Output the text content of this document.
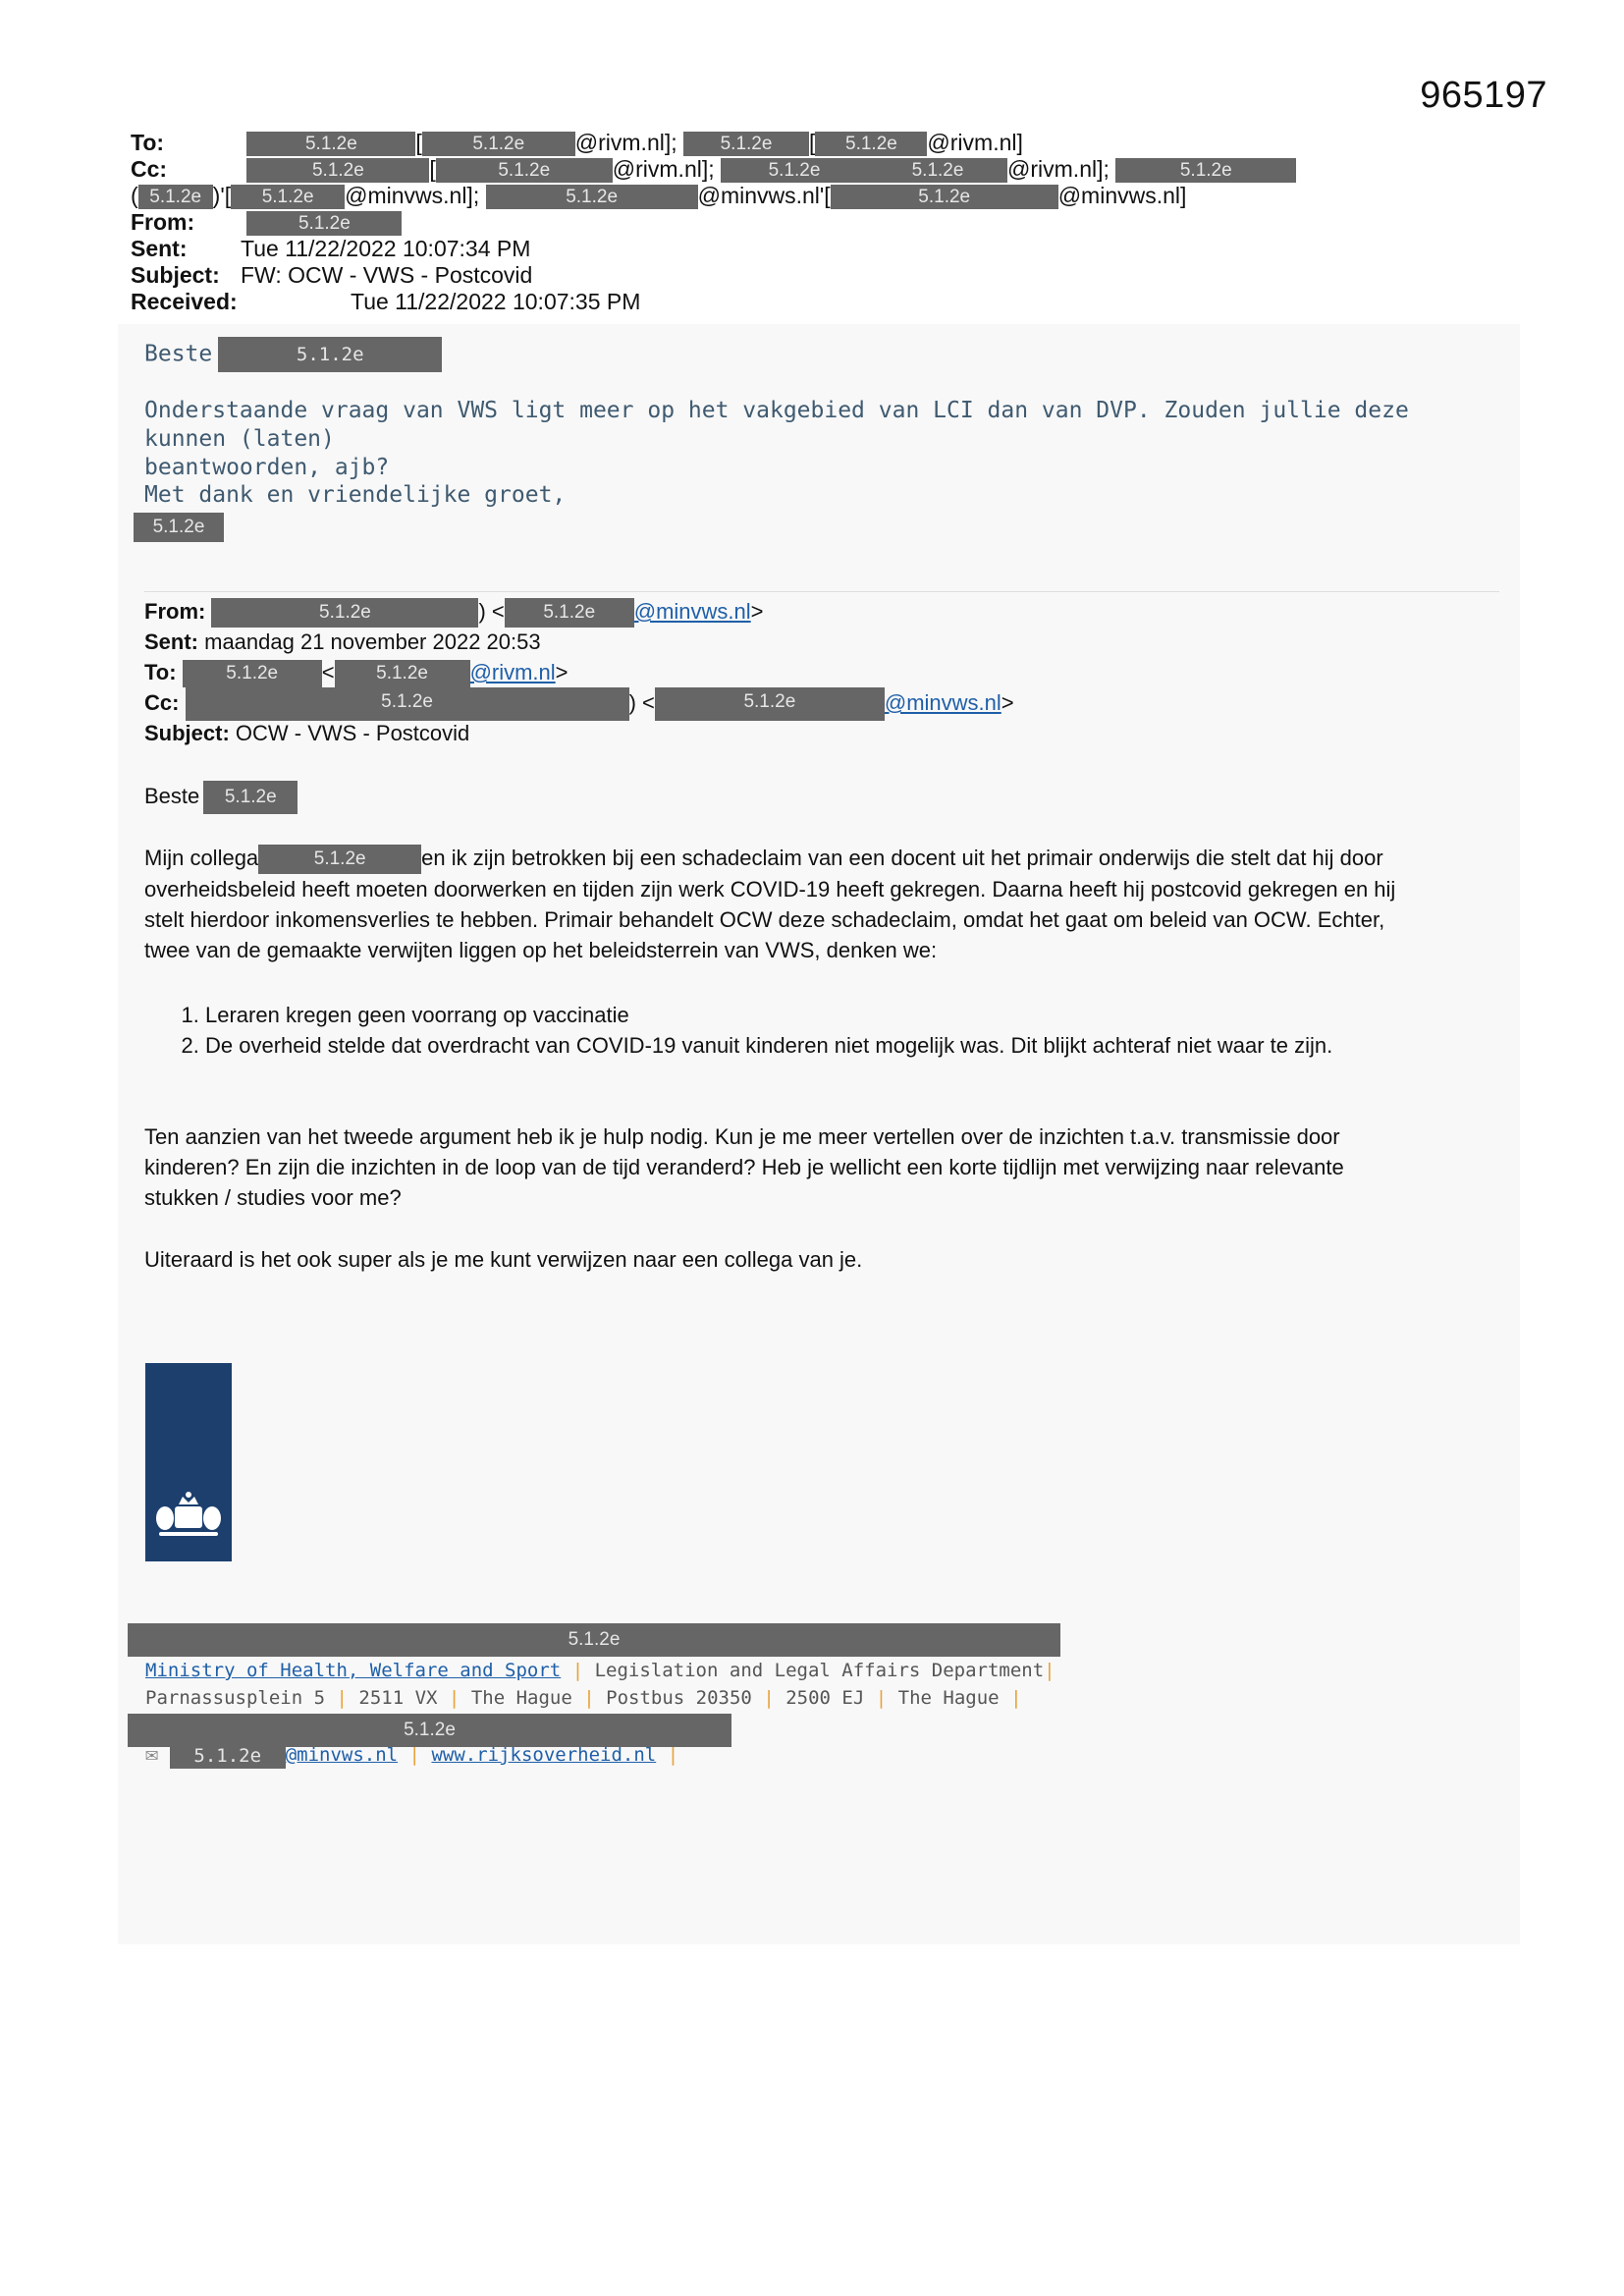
965197
To:	5.1.2e	[	5.1.2e @rivm.nl]; 5.1.2e [ 5.1.2e @rivm.nl]
Cc:	5.1.2e	[	5.1.2e	@rivm.nl];	5.1.2e	5.1.2e @rivm.nl];	5.1.2e
( 5.1.2e )'[ 5.1.2e @minvws.nl];	5.1.2e	@minvws.nl'[	5.1.2e	@minvws.nl]
From:	5.1.2e
Sent: Tue 11/22/2022 10:07:34 PM
Subject: FW: OCW - VWS - Postcovid
Received:	Tue 11/22/2022 10:07:35 PM
Beste	5.1.2e
Onderstaande vraag van VWS ligt meer op het vakgebied van LCI dan van DVP. Zouden jullie deze kunnen (laten)
beantwoorden, ajb?
Met dank en vriendelijke groet,
5.1.2e
From:	5.1.2e	) < 5.1.2e @minvws.nl>
Sent: maandag 21 november 2022 20:53
To:	5.1.2e < 5.1.2e @rivm.nl>
Cc:	5.1.2e	) <	5.1.2e	@minvws.nl>
Subject: OCW - VWS - Postcovid
Beste 5.1.2e
Mijn collega	5.1.2e	en ik zijn betrokken bij een schadeclaim van een docent uit het primair onderwijs die stelt dat hij door
overheidsbeleid heeft moeten doorwerken en tijden zijn werk COVID-19 heeft gekregen. Daarna heeft hij postcovid gekregen en hij
stelt hierdoor inkomensverlies te hebben. Primair behandelt OCW deze schadeclaim, omdat het gaat om beleid van OCW. Echter,
twee van de gemaakte verwijten liggen op het beleidsterrein van VWS, denken we:
1. Leraren kregen geen voorrang op vaccinatie
2. De overheid stelde dat overdracht van COVID-19 vanuit kinderen niet mogelijk was. Dit blijkt achteraf niet waar te zijn.
Ten aanzien van het tweede argument heb ik je hulp nodig. Kun je me meer vertellen over de inzichten t.a.v. transmissie door
kinderen? En zijn die inzichten in de loop van de tijd veranderd? Heb je wellicht een korte tijdlijn met verwijzing naar relevante
stukken / studies voor me?
Uiteraard is het ook super als je me kunt verwijzen naar een collega van je.
5.1.2e
Ministry of Health, Welfare and Sport | Legislation and Legal Affairs Department|
Parnassusplein 5 | 2511 VX | The Hague | Postbus 20350 | 2500 EJ | The Hague |
5.1.2e
✉ 5.1.2e @minvws.nl | www.rijksoverheid.nl |
